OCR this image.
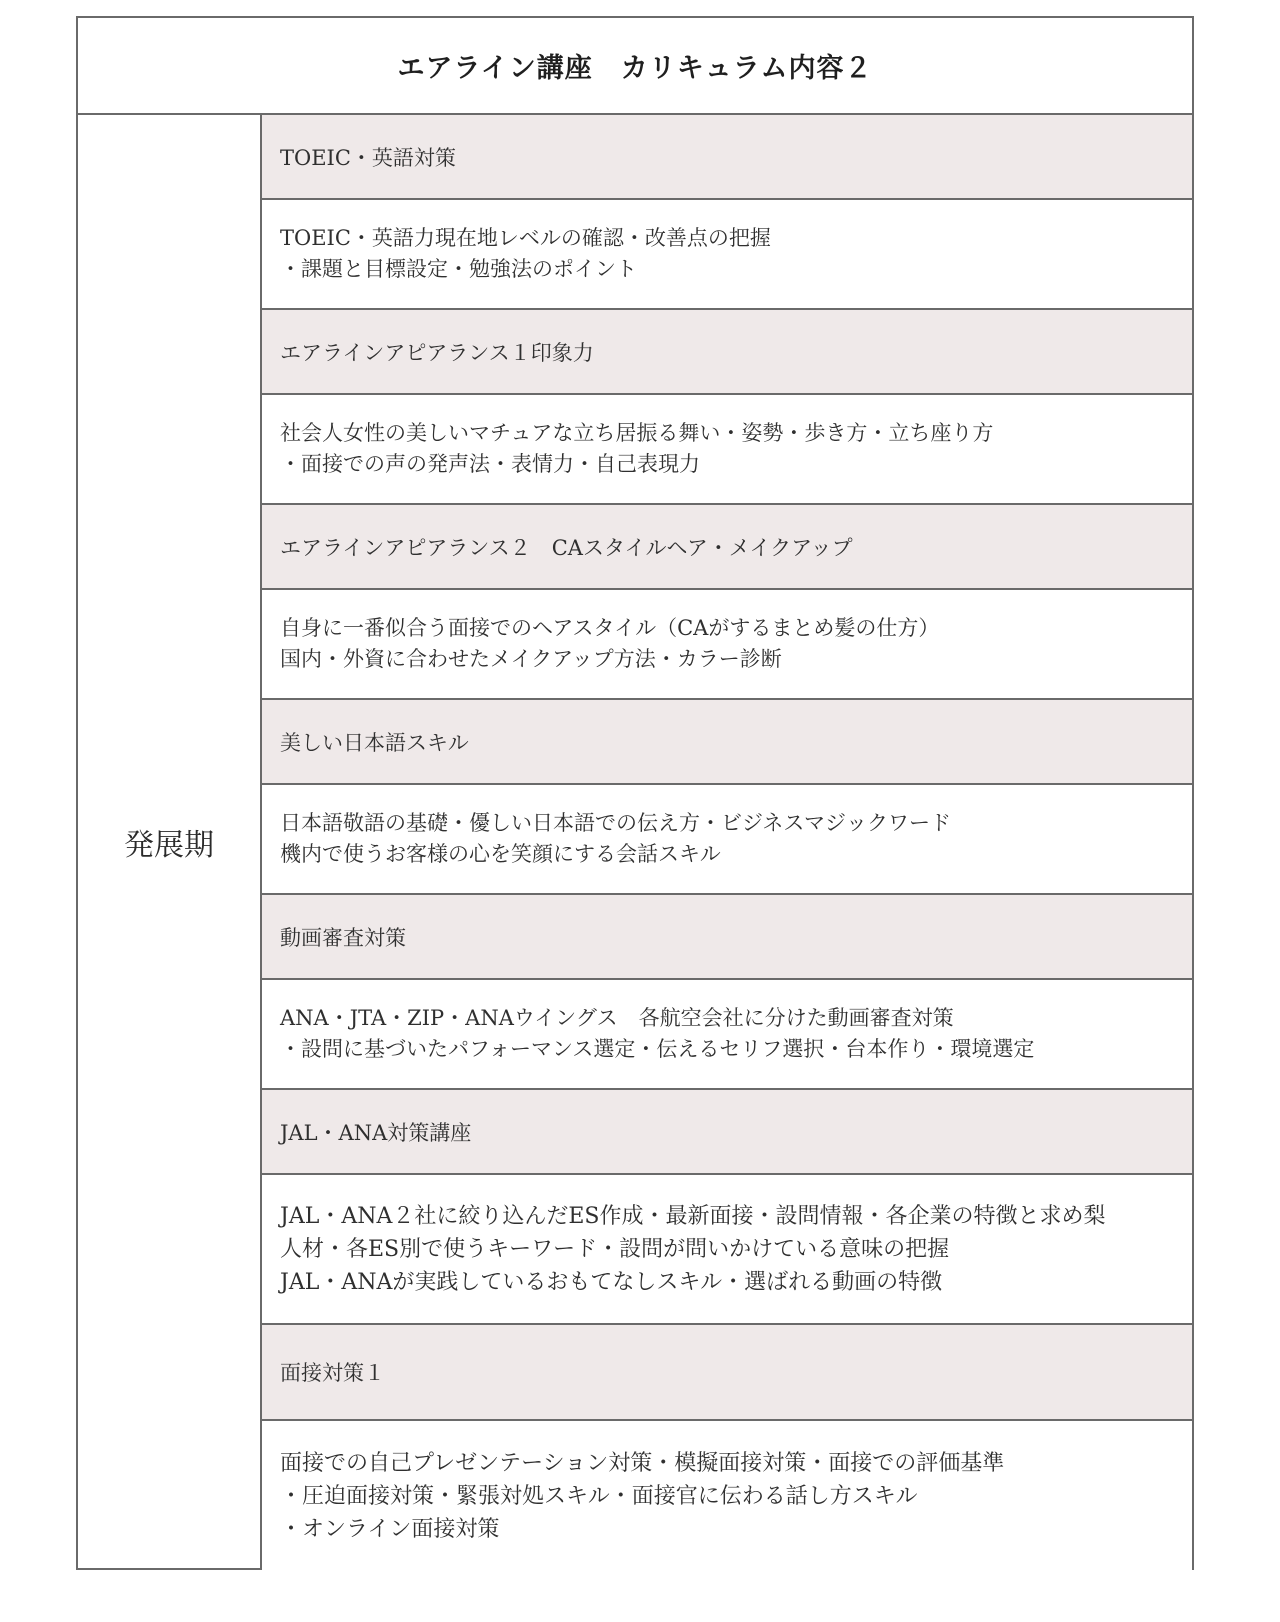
エアライン講座　カリキュラム内容２
発展期
TOEIC・英語対策
TOEIC・英語力現在地レベルの確認・改善点の把握
・課題と目標設定・勉強法のポイント
エアラインアピアランス１印象力
社会人女性の美しいマチュアな立ち居振る舞い・姿勢・歩き方・立ち座り方
・面接での声の発声法・表情力・自己表現力
エアラインアピアランス２　CAスタイルヘア・メイクアップ
自身に一番似合う面接でのヘアスタイル（CAがするまとめ髪の仕方）
国内・外資に合わせたメイクアップ方法・カラー診断
美しい日本語スキル
日本語敬語の基礎・優しい日本語での伝え方・ビジネスマジックワード
機内で使うお客様の心を笑顔にする会話スキル
動画審査対策
ANA・JTA・ZIP・ANAウイングス　各航空会社に分けた動画審査対策
・設問に基づいたパフォーマンス選定・伝えるセリフ選択・台本作り・環境選定
JAL・ANA対策講座
JAL・ANA２社に絞り込んだES作成・最新面接・設問情報・各企業の特徴と求め梨
人材・各ES別で使うキーワード・設問が問いかけている意味の把握
JAL・ANAが実践しているおもてなしスキル・選ばれる動画の特徴
面接対策１
面接での自己プレゼンテーション対策・模擬面接対策・面接での評価基準
・圧迫面接対策・緊張対処スキル・面接官に伝わる話し方スキル
・オンライン面接対策
